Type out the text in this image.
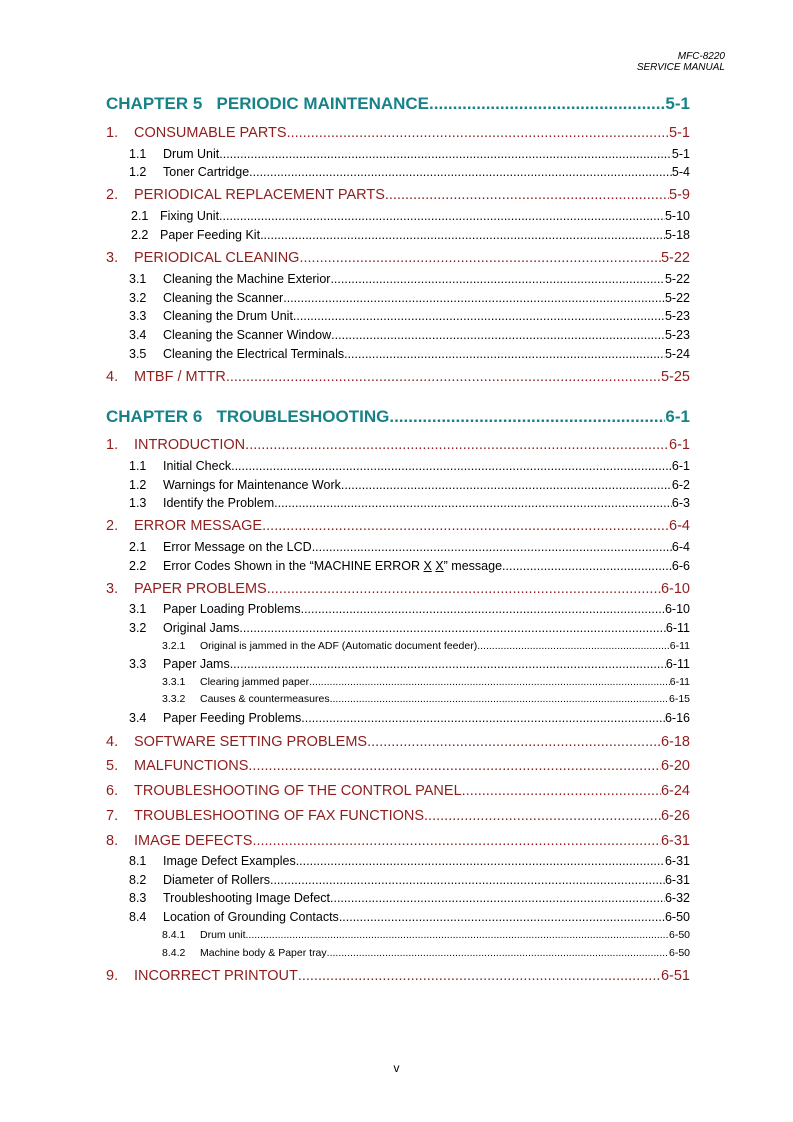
MFC-8220
SERVICE MANUAL
CHAPTER 5   PERIODIC MAINTENANCE .....	5-1
1.	CONSUMABLE PARTS .....	5-1
1.1	Drum Unit .....	5-1
1.2	Toner Cartridge .....	5-4
2.	PERIODICAL REPLACEMENT PARTS .....	5-9
2.1 Fixing Unit .....	5-10
2.2 Paper Feeding Kit .....	5-18
3.	PERIODICAL CLEANING .....	5-22
3.1	Cleaning the Machine Exterior .....	5-22
3.2	Cleaning the Scanner .....	5-22
3.3	Cleaning the Drum Unit .....	5-23
3.4	Cleaning the Scanner Window .....	5-23
3.5	Cleaning the Electrical Terminals .....	5-24
4.	MTBF / MTTR .....	5-25
CHAPTER 6   TROUBLESHOOTING .....	6-1
1.	INTRODUCTION .....	6-1
1.1	Initial Check .....	6-1
1.2	Warnings for Maintenance Work .....	6-2
1.3	Identify the Problem .....	6-3
2.	ERROR MESSAGE .....	6-4
2.1	Error Message on the LCD .....	6-4
2.2	Error Codes Shown in the “MACHINE ERROR X X” message. .....	6-6
3.	PAPER PROBLEMS .....	6-10
3.1	Paper Loading Problems .....	6-10
3.2	Original Jams .....	6-11
3.2.1	Original is jammed in the ADF (Automatic document feeder) .....	6-11
3.3	Paper Jams .....	6-11
3.3.1	Clearing jammed paper .....	6-11
3.3.2	Causes & countermeasures .....	6-15
3.4	Paper Feeding Problems .....	6-16
4.	SOFTWARE SETTING PROBLEMS .....	6-18
5.	MALFUNCTIONS .....	6-20
6.	TROUBLESHOOTING OF THE CONTROL PANEL .....	6-24
7.	TROUBLESHOOTING OF FAX FUNCTIONS .....	6-26
8.	IMAGE DEFECTS .....	6-31
8.1	Image Defect Examples .....	6-31
8.2	Diameter of Rollers .....	6-31
8.3	Troubleshooting Image Defect .....	6-32
8.4	Location of Grounding Contacts .....	6-50
8.4.1	Drum unit .....	6-50
8.4.2	Machine body & Paper tray .....	6-50
9.	INCORRECT PRINTOUT .....	6-51
v
